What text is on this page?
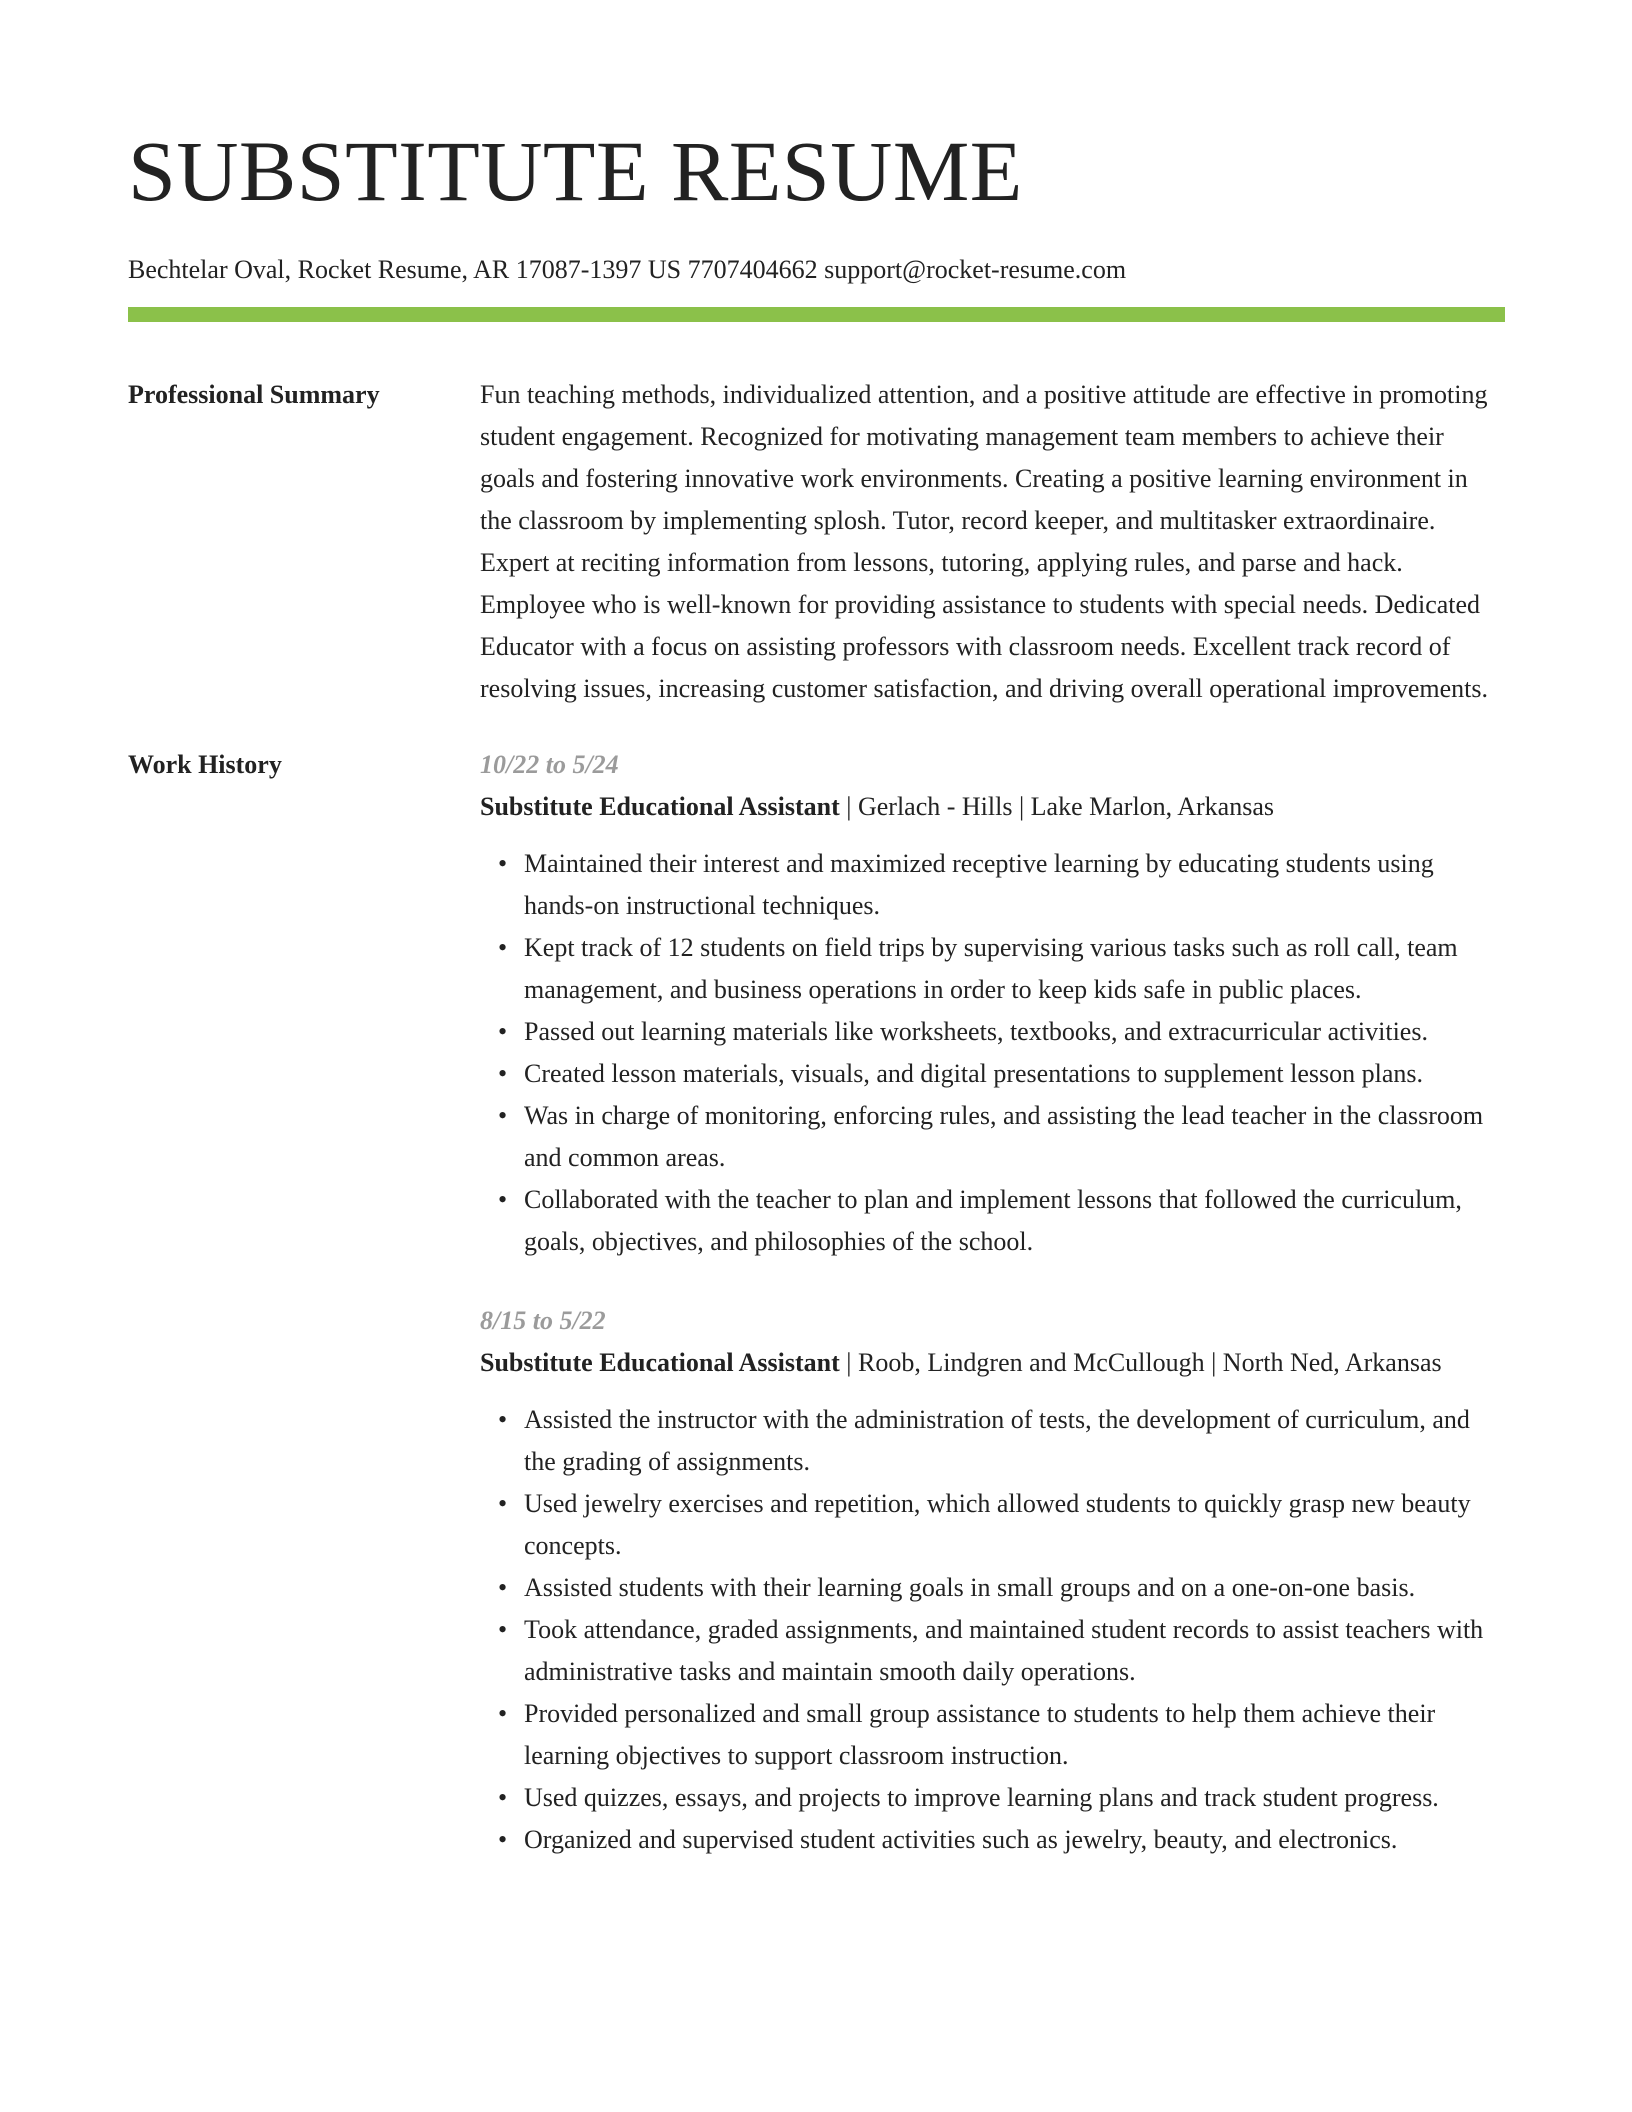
SUBSTITUTE RESUME
Bechtelar Oval, Rocket Resume, AR 17087-1397 US 7707404662 support@rocket-resume.com
Professional Summary	Fun teaching methods, individualized attention, and a positive attitude are effective in promoting student engagement. Recognized for motivating management team members to achieve their goals and fostering innovative work environments. Creating a positive learning environment in the classroom by implementing splosh. Tutor, record keeper, and multitasker extraordinaire. Expert at reciting information from lessons, tutoring, applying rules, and parse and hack. Employee who is well-known for providing assistance to students with special needs. Dedicated Educator with a focus on assisting professors with classroom needs. Excellent track record of resolving issues, increasing customer satisfaction, and driving overall operational improvements.

Work History	10/22 to 5/24
Substitute Educational Assistant | Gerlach - Hills | Lake Marlon, Arkansas
• Maintained their interest and maximized receptive learning by educating students using hands-on instructional techniques.
• Kept track of 12 students on field trips by supervising various tasks such as roll call, team management, and business operations in order to keep kids safe in public places.
• Passed out learning materials like worksheets, textbooks, and extracurricular activities.
• Created lesson materials, visuals, and digital presentations to supplement lesson plans.
• Was in charge of monitoring, enforcing rules, and assisting the lead teacher in the classroom and common areas.
• Collaborated with the teacher to plan and implement lessons that followed the curriculum, goals, objectives, and philosophies of the school.
8/15 to 5/22
Substitute Educational Assistant | Roob, Lindgren and McCullough | North Ned, Arkansas
• Assisted the instructor with the administration of tests, the development of curriculum, and the grading of assignments.
• Used jewelry exercises and repetition, which allowed students to quickly grasp new beauty concepts.
• Assisted students with their learning goals in small groups and on a one-on-one basis.
• Took attendance, graded assignments, and maintained student records to assist teachers with administrative tasks and maintain smooth daily operations.
• Provided personalized and small group assistance to students to help them achieve their learning objectives to support classroom instruction.
• Used quizzes, essays, and projects to improve learning plans and track student progress.
• Organized and supervised student activities such as jewelry, beauty, and electronics.
